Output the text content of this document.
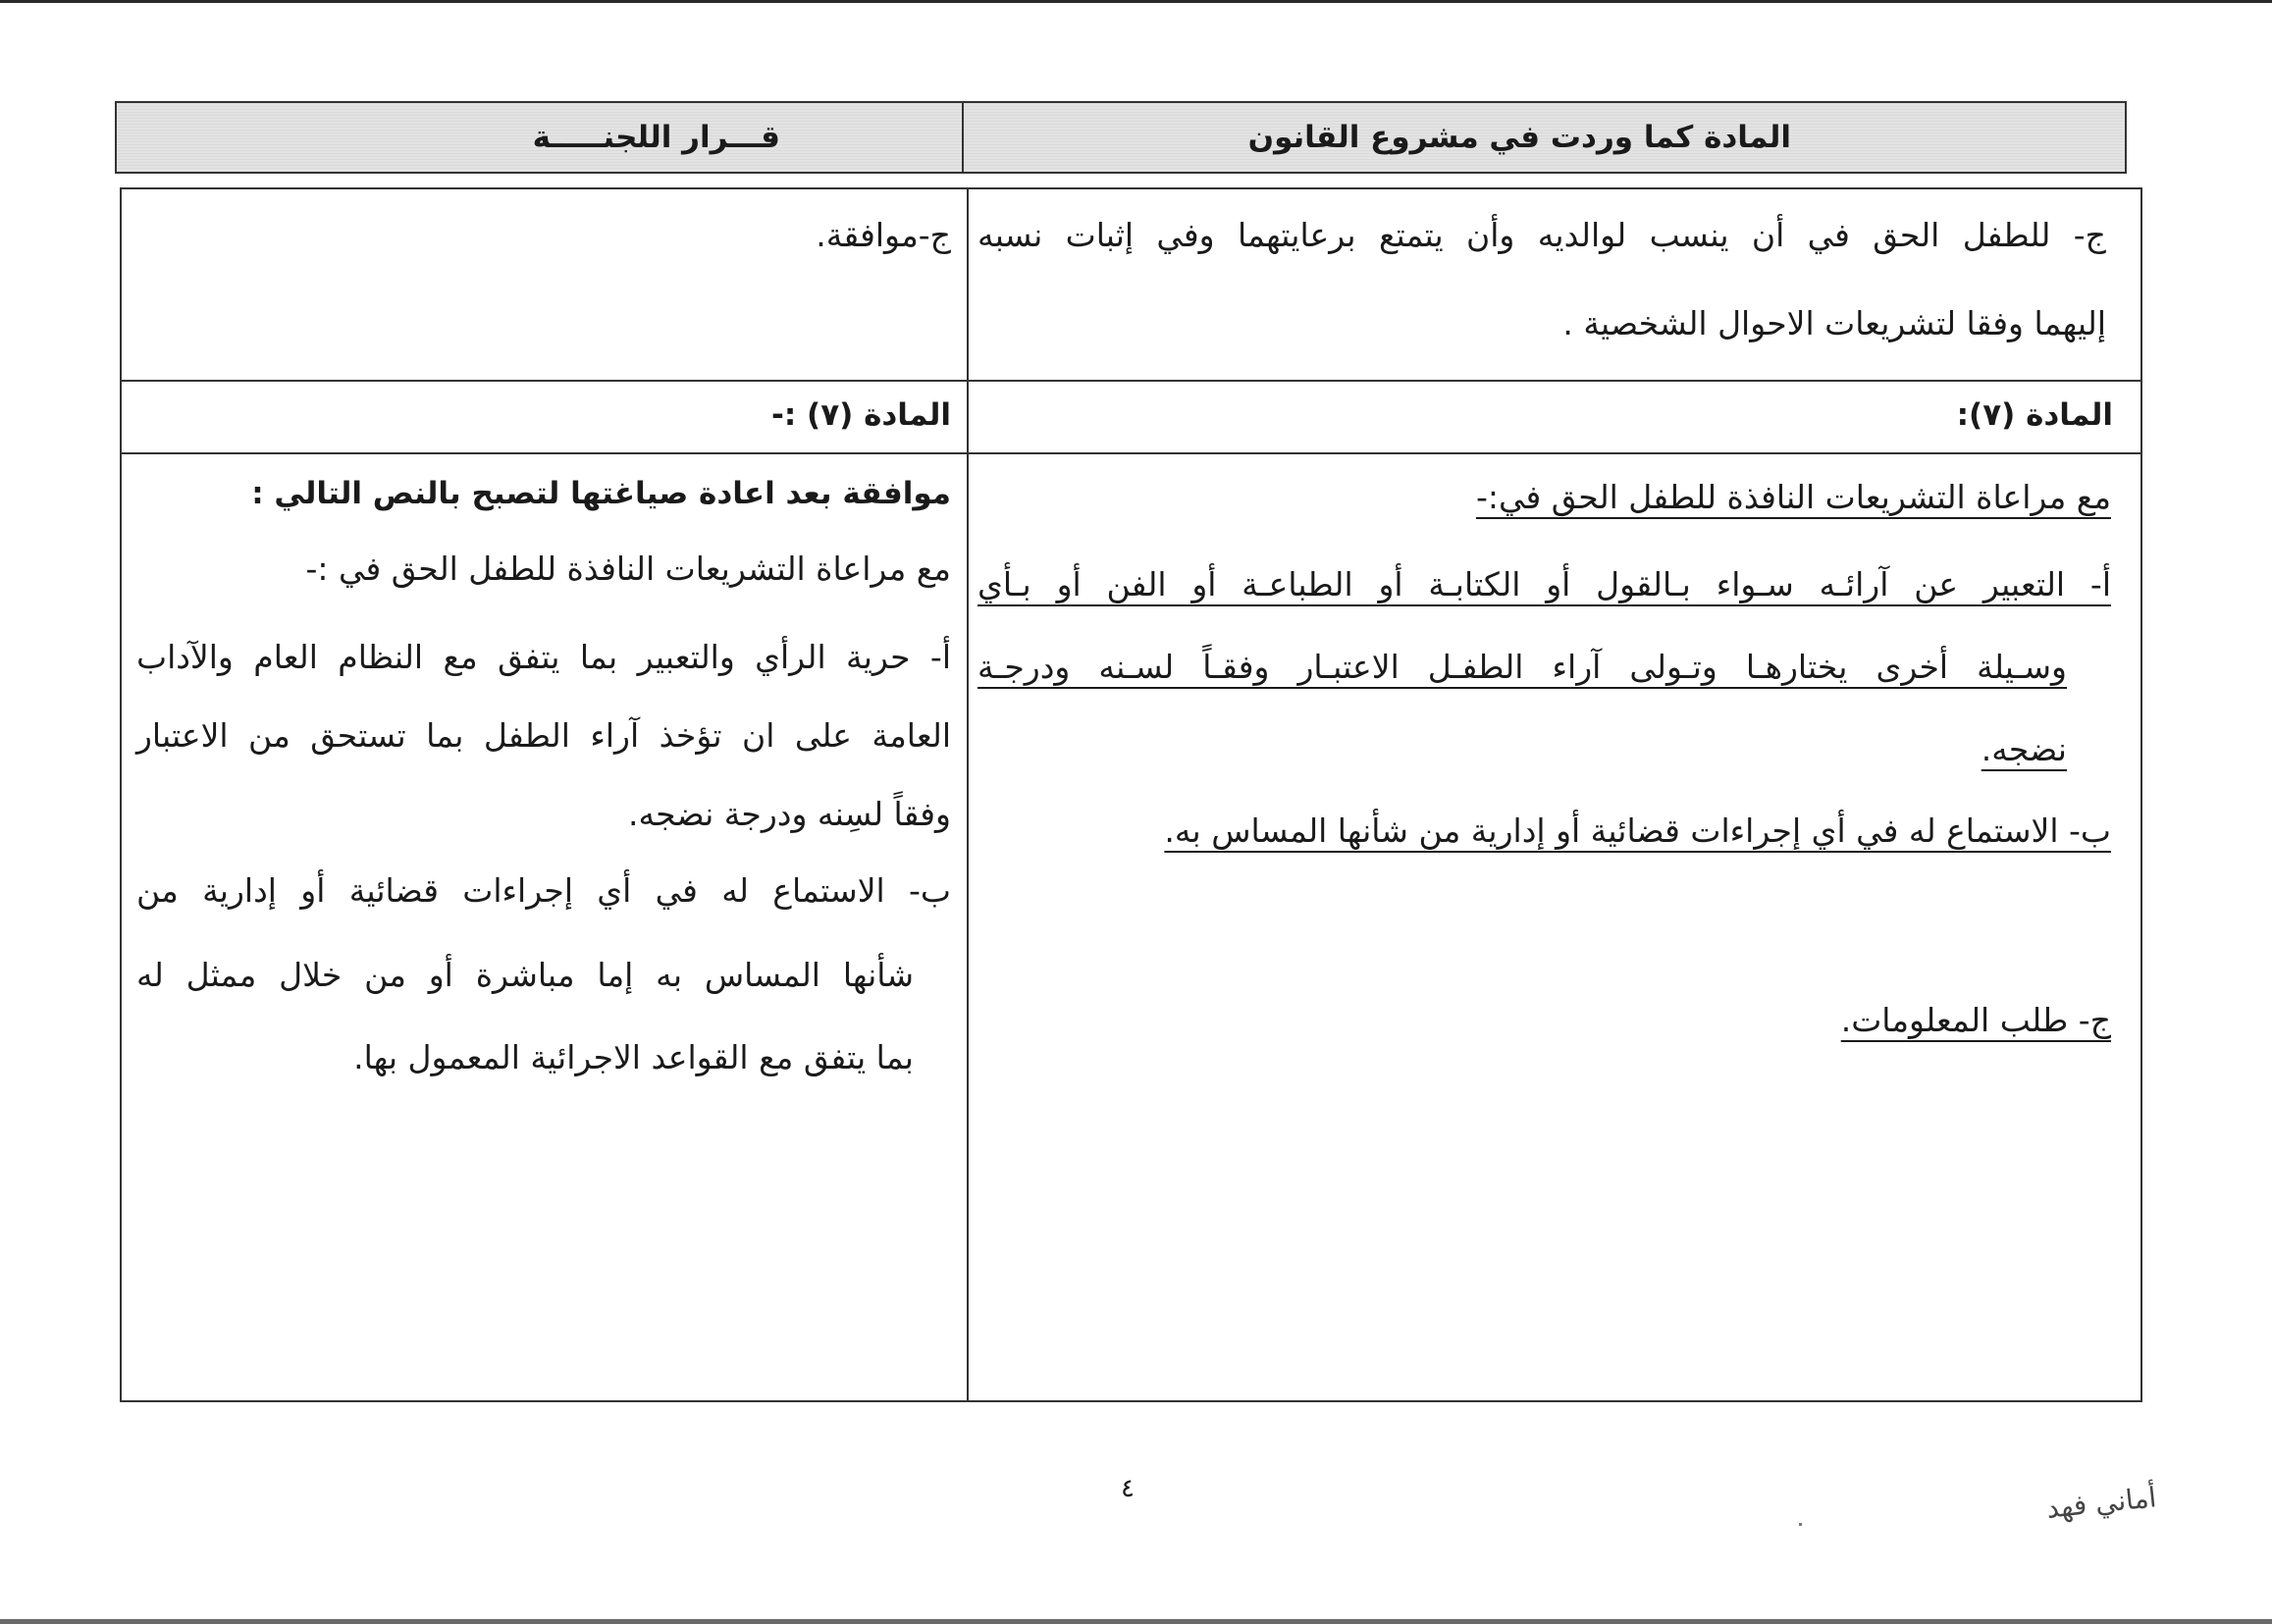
المادة كما وردت في مشروع القانون
قـــرار اللجنـــــة
ج- للطفل الحق في أن ينسب لوالديه وأن يتمتع برعايتهما وفي إثبات نسبه
إليهما وفقا لتشريعات الاحوال الشخصية .
ج-موافقة.
المادة (٧):
المادة (٧) :-
مع مراعاة التشريعات النافذة للطفل الحق في:-
أ- التعبير عن آرائـه سـواء بـالقول أو الكتابـة أو الطباعـة أو الفن أو بـأي
وسـيلة أخرى يختارهـا وتـولى آراء الطفـل الاعتبـار وفقـاً لسـنه ودرجـة
نضجه.
ب- الاستماع له في أي إجراءات قضائية أو إدارية من شأنها المساس به.
ج- طلب المعلومات.
موافقة بعد اعادة صياغتها لتصبح بالنص التالي :
مع مراعاة التشريعات النافذة للطفل الحق في :-
أ- حرية الرأي والتعبير بما يتفق مع النظام العام والآداب
العامة على ان تؤخذ آراء الطفل بما تستحق من الاعتبار
وفقاً لسِنه ودرجة نضجه.
ب- الاستماع له في أي إجراءات قضائية أو إدارية من
شأنها المساس به إما مباشرة أو من خلال ممثل له
بما يتفق مع القواعد الاجرائية المعمول بها.
٤	أماني فهد
